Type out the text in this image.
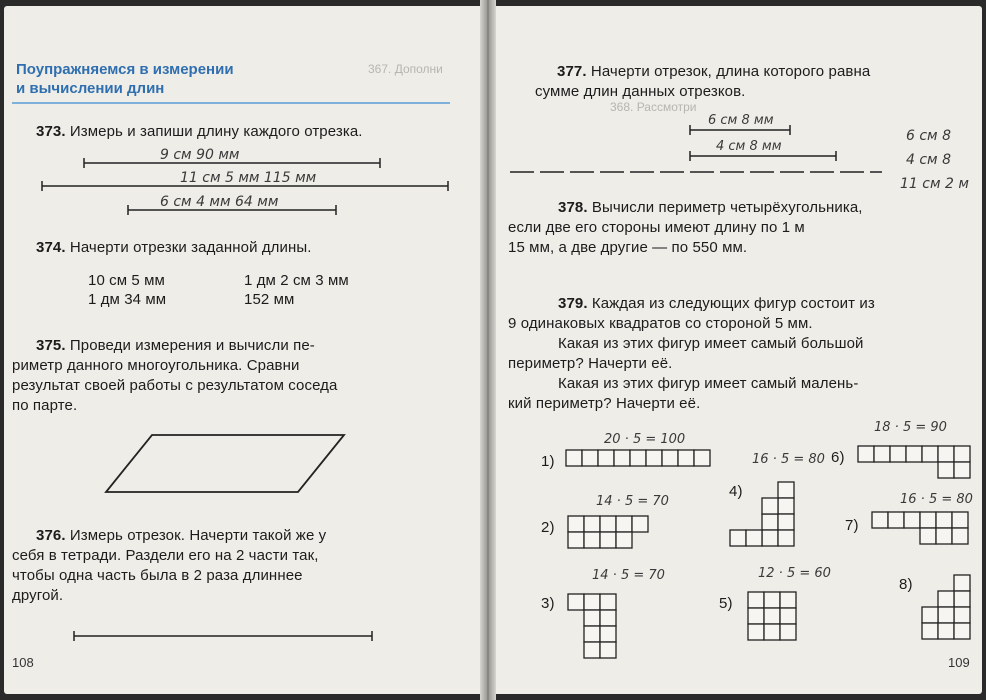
367. Дополни
368. Рассмотри
Поупражняемся в измерении
и вычислении длин
373. Измерь и запиши длину каждого отрезка.
9 см 90 мм
11 см 5 мм 115 мм
6 см 4 мм 64 мм
374. Начерти отрезки заданной длины.
10 см 5 мм	1 дм 2 см 3 мм
1 дм 34 мм	152 мм
375. Проведи измерения и вычисли пе-
риметр данного многоугольника. Сравни
результат своей работы с результатом соседа
по парте.
376. Измерь отрезок. Начерти такой же у
себя в тетради. Раздели его на 2 части так,
чтобы одна часть была в 2 раза длиннее
другой.
108
377. Начерти отрезок, длина которого равна
сумме длин данных отрезков.
6 см 8 мм
4 см 8 мм
6 см 8
4 см 8
11 см 2 м
378. Вычисли периметр четырёхугольника,
если две его стороны имеют длину по 1 м
15 мм, а две другие — по 550 мм.
379. Каждая из следующих фигур состоит из
9 одинаковых квадратов со стороной 5 мм.
Какая из этих фигур имеет самый большой
периметр? Начерти её.
Какая из этих фигур имеет самый малень-
кий периметр? Начерти её.
1)
2)
3)
4)
5)
6)
7)
8)
20 · 5 = 100
16 · 5 = 80
14 · 5 = 70
14 · 5 = 70	12 · 5 = 60
18 · 5 = 90
16 · 5 = 80
109
